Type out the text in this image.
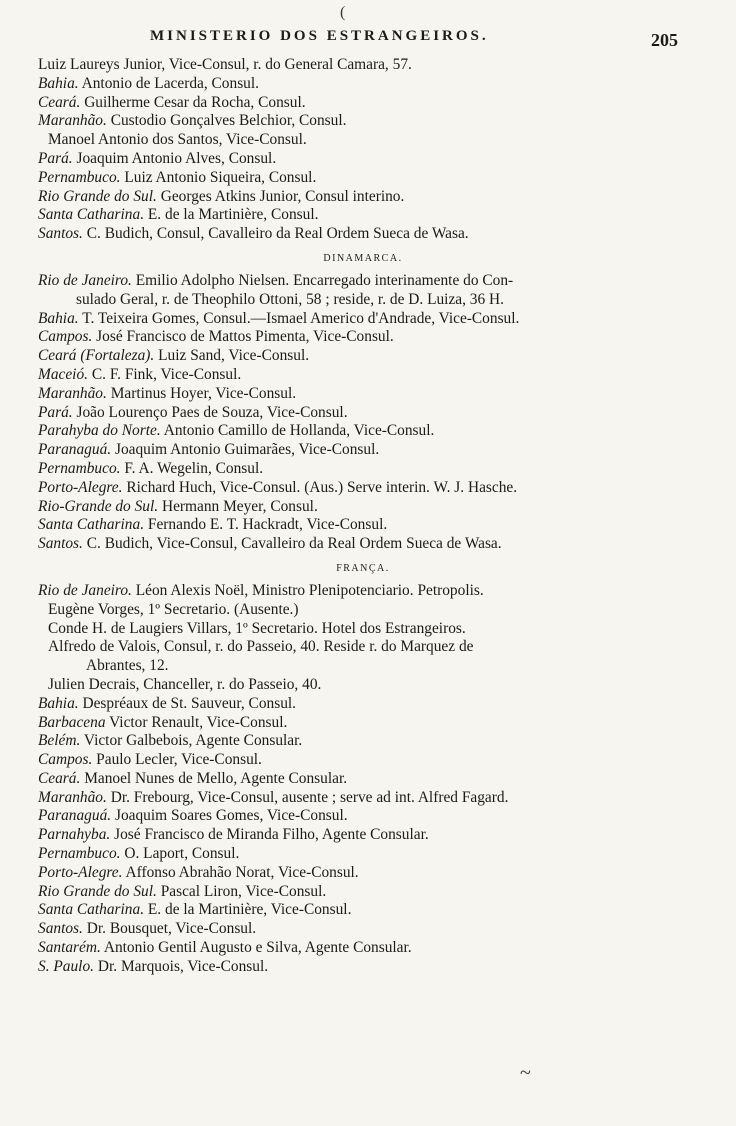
(
MINISTERIO DOS ESTRANGEIROS.	205
Luiz Laureys Junior, Vice-Consul, r. do General Camara, 57.
Bahia. Antonio de Lacerda, Consul.
Ceará. Guilherme Cesar da Rocha, Consul.
Maranhão. Custodio Gonçalves Belchior, Consul.
Manoel Antonio dos Santos, Vice-Consul.
Pará. Joaquim Antonio Alves, Consul.
Pernambuco. Luiz Antonio Siqueira, Consul.
Rio Grande do Sul. Georges Atkins Junior, Consul interino.
Santa Catharina. E. de la Martinière, Consul.
Santos. C. Budich, Consul, Cavalleiro da Real Ordem Sueca de Wasa.
DINAMARCA.
Rio de Janeiro. Emilio Adolpho Nielsen. Encarregado interinamente do Con-
sulado Geral, r. de Theophilo Ottoni, 58 ; reside, r. de D. Luiza, 36 H.
Bahia. T. Teixeira Gomes, Consul.—Ismael Americo d'Andrade, Vice-Consul.
Campos. José Francisco de Mattos Pimenta, Vice-Consul.
Ceará (Fortaleza). Luiz Sand, Vice-Consul.
Maceió. C. F. Fink, Vice-Consul.
Maranhão. Martinus Hoyer, Vice-Consul.
Pará. João Lourenço Paes de Souza, Vice-Consul.
Parahyba do Norte. Antonio Camillo de Hollanda, Vice-Consul.
Paranaguá. Joaquim Antonio Guimarães, Vice-Consul.
Pernambuco. F. A. Wegelin, Consul.
Porto-Alegre. Richard Huch, Vice-Consul. (Aus.) Serve interin. W. J. Hasche.
Rio-Grande do Sul. Hermann Meyer, Consul.
Santa Catharina. Fernando E. T. Hackradt, Vice-Consul.
Santos. C. Budich, Vice-Consul, Cavalleiro da Real Ordem Sueca de Wasa.
FRANÇA.
Rio de Janeiro. Léon Alexis Noël, Ministro Plenipotenciario. Petropolis.
Eugène Vorges, 1º Secretario. (Ausente.)
Conde H. de Laugiers Villars, 1º Secretario. Hotel dos Estrangeiros.
Alfredo de Valois, Consul, r. do Passeio, 40. Reside r. do Marquez de
Abrantes, 12.
Julien Decrais, Chanceller, r. do Passeio, 40.
Bahia. Despréaux de St. Sauveur, Consul.
Barbacena Victor Renault, Vice-Consul.
Belém. Victor Galbebois, Agente Consular.
Campos. Paulo Lecler, Vice-Consul.
Ceará. Manoel Nunes de Mello, Agente Consular.
Maranhão. Dr. Frebourg, Vice-Consul, ausente ; serve ad int. Alfred Fagard.
Paranaguá. Joaquim Soares Gomes, Vice-Consul.
Parnahyba. José Francisco de Miranda Filho, Agente Consular.
Pernambuco. O. Laport, Consul.
Porto-Alegre. Affonso Abrahão Norat, Vice-Consul.
Rio Grande do Sul. Pascal Liron, Vice-Consul.
Santa Catharina. E. de la Martinière, Vice-Consul.
Santos. Dr. Bousquet, Vice-Consul.
Santarém. Antonio Gentil Augusto e Silva, Agente Consular.
S. Paulo. Dr. Marquois, Vice-Consul.
~
